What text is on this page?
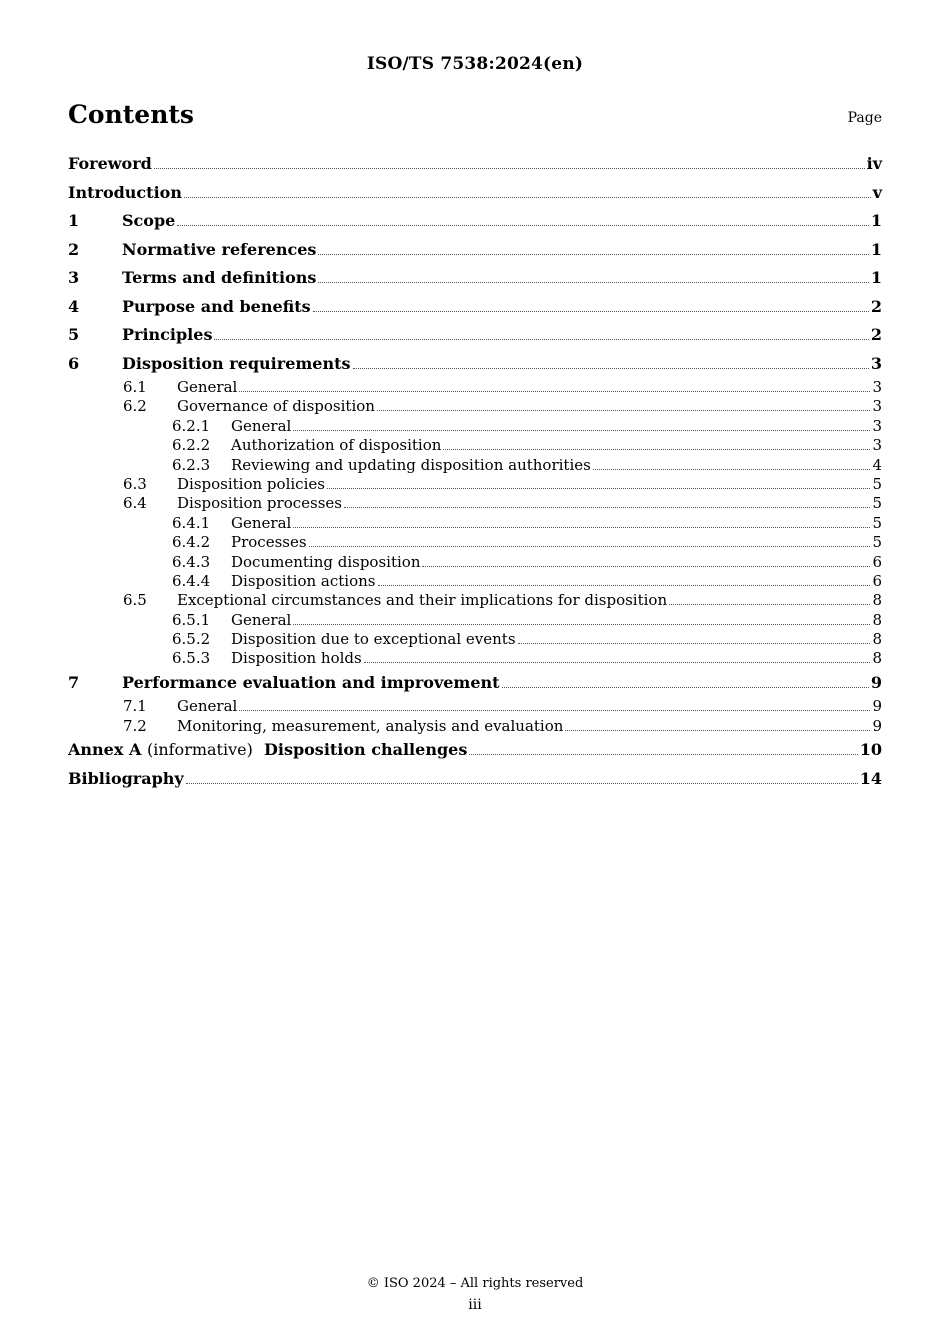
ISO/TS 7538:2024(en)
Contents	Page
Foreword	iv
Introduction	v
1	Scope	1
2	Normative references	1
3	Terms and definitions	1
4	Purpose and benefits	2
5	Principles	2
6	Disposition requirements	3
6.1	General	3
6.2	Governance of disposition	3
6.2.1	General	3
6.2.2	Authorization of disposition	3
6.2.3	Reviewing and updating disposition authorities	4
6.3	Disposition policies	5
6.4	Disposition processes	5
6.4.1	General	5
6.4.2	Processes	5
6.4.3	Documenting disposition	6
6.4.4	Disposition actions	6
6.5	Exceptional circumstances and their implications for disposition	8
6.5.1	General	8
6.5.2	Disposition due to exceptional events	8
6.5.3	Disposition holds	8
7	Performance evaluation and improvement	9
7.1	General	9
7.2	Monitoring, measurement, analysis and evaluation	9
Annex A (informative) Disposition challenges	10
Bibliography	14
© ISO 2024 – All rights reserved
iii
